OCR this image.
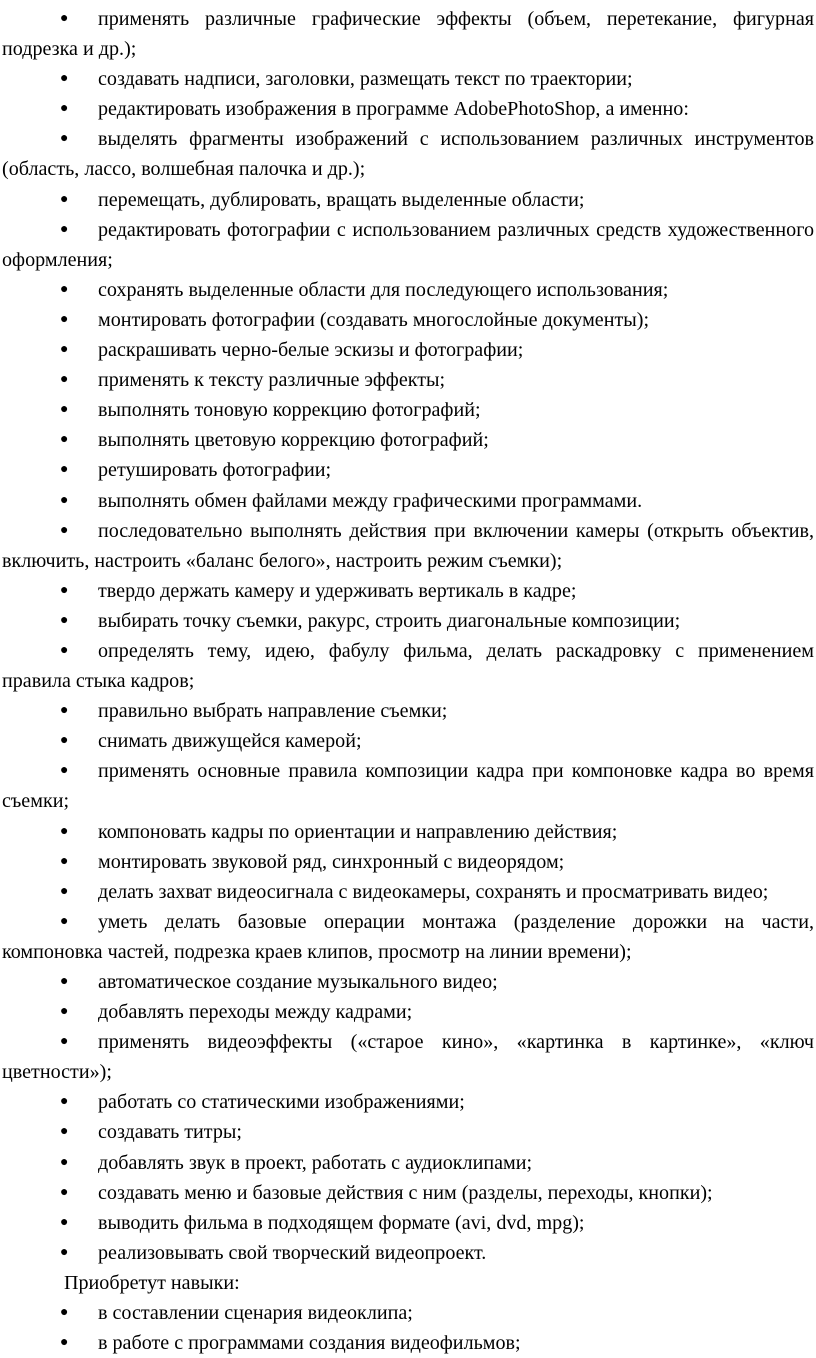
● применять различные графические эффекты (объем, перетекание, фигурная подрезка и др.);

● создавать надписи, заголовки, размещать текст по траектории;

● редактировать изображения в программе AdobePhotoShop, а именно:

● выделять фрагменты изображений с использованием различных инструментов (область, лассо, волшебная палочка и др.);

● перемещать, дублировать, вращать выделенные области;

● редактировать фотографии с использованием различных средств художественного оформления;

● сохранять выделенные области для последующего использования;

● монтировать фотографии (создавать многослойные документы);

● раскрашивать черно-белые эскизы и фотографии;

● применять к тексту различные эффекты;

● выполнять тоновую коррекцию фотографий;

● выполнять цветовую коррекцию фотографий;

● ретушировать фотографии;

● выполнять обмен файлами между графическими программами.

● последовательно выполнять действия при включении камеры (открыть объектив, включить, настроить «баланс белого», настроить режим съемки);

● твердо держать камеру и удерживать вертикаль в кадре;

● выбирать точку съемки, ракурс, строить диагональные композиции;

● определять тему, идею, фабулу фильма, делать раскадровку с применением правила стыка кадров;

● правильно выбрать направление съемки;

● снимать движущейся камерой;

● применять основные правила композиции кадра при компоновке кадра во время съемки;

● компоновать кадры по ориентации и направлению действия;

● монтировать звуковой ряд, синхронный с видеорядом;

● делать захват видеосигнала с видеокамеры, сохранять и просматривать видео;

● уметь делать базовые операции монтажа (разделение дорожки на части, компоновка частей, подрезка краев клипов, просмотр на линии времени);

● автоматическое создание музыкального видео;

● добавлять переходы между кадрами;

● применять видеоэффекты («старое кино», «картинка в картинке», «ключ цветности»);

● работать со статическими изображениями;

● создавать титры;

● добавлять звук в проект, работать с аудиоклипами;

● создавать меню и базовые действия с ним (разделы, переходы, кнопки);

● выводить фильма в подходящем формате (avi, dvd, mpg);

● реализовывать свой творческий видеопроект.

Приобретут навыки:

● в составлении сценария видеоклипа;

● в работе с программами создания видеофильмов;
